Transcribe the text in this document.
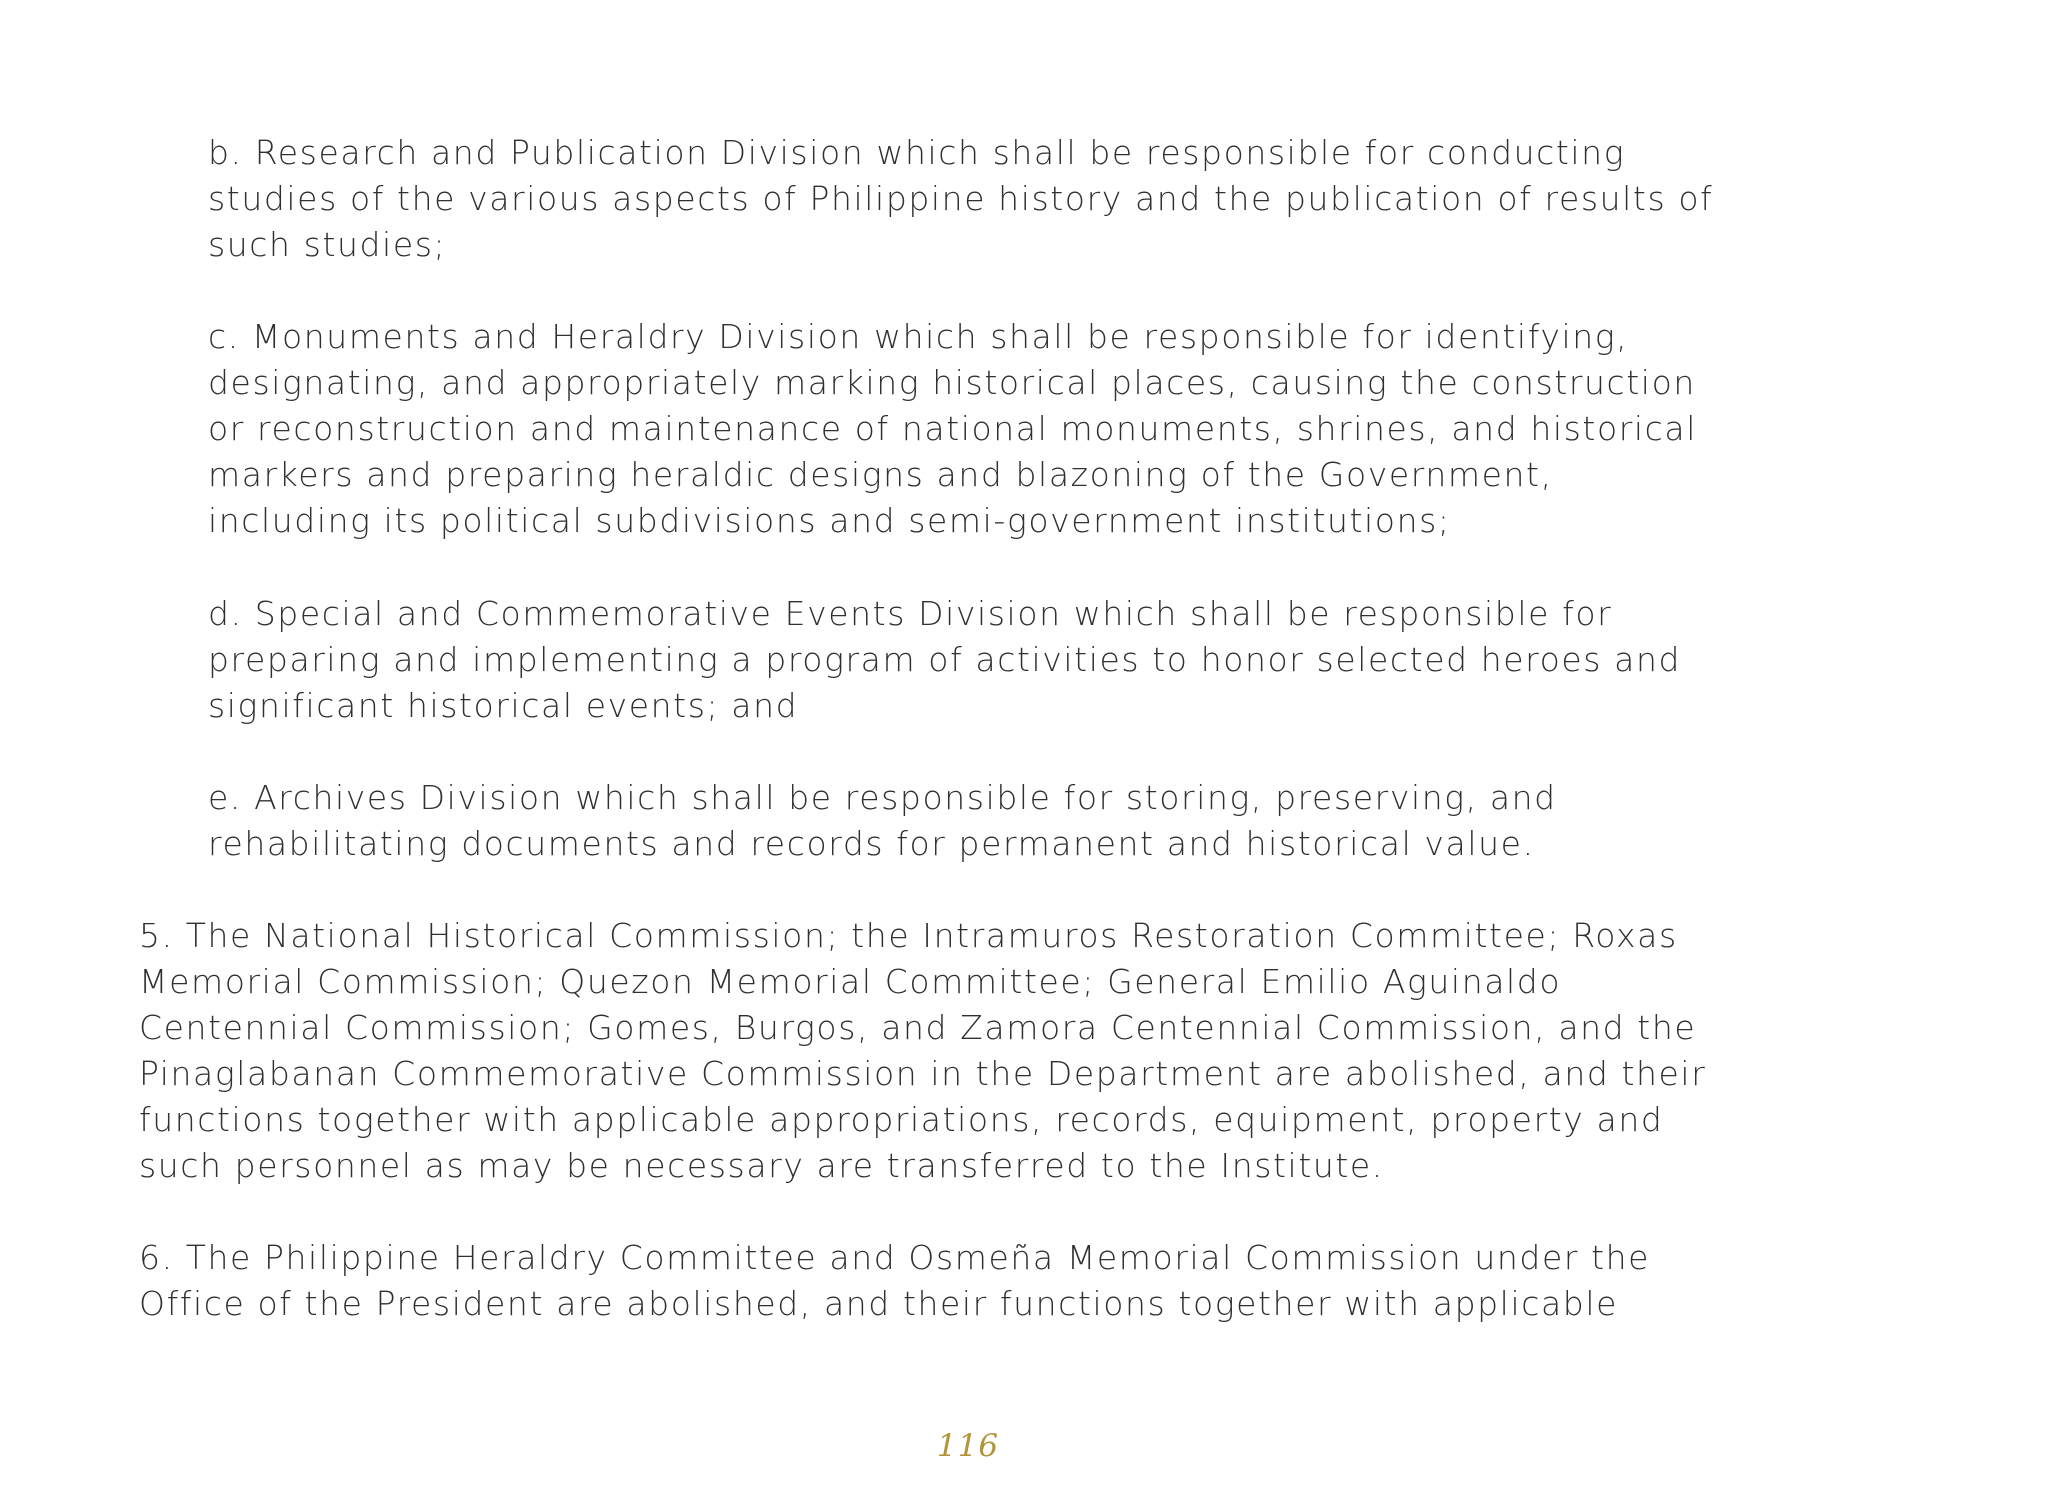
b. Research and Publication Division which shall be responsible for conducting
studies of the various aspects of Philippine history and the publication of results of
such studies;

c. Monuments and Heraldry Division which shall be responsible for identifying,
designating, and appropriately marking historical places, causing the construction
or reconstruction and maintenance of national monuments, shrines, and historical
markers and preparing heraldic designs and blazoning of the Government,
including its political subdivisions and semi-government institutions;

d. Special and Commemorative Events Division which shall be responsible for
preparing and implementing a program of activities to honor selected heroes and
significant historical events; and

e. Archives Division which shall be responsible for storing, preserving, and
rehabilitating documents and records for permanent and historical value.

5. The National Historical Commission; the Intramuros Restoration Committee; Roxas
Memorial Commission; Quezon Memorial Committee; General Emilio Aguinaldo
Centennial Commission; Gomes, Burgos, and Zamora Centennial Commission, and the
Pinaglabanan Commemorative Commission in the Department are abolished, and their
functions together with applicable appropriations, records, equipment, property and
such personnel as may be necessary are transferred to the Institute.

6. The Philippine Heraldry Committee and Osmeña Memorial Commission under the
Office of the President are abolished, and their functions together with applicable

116
